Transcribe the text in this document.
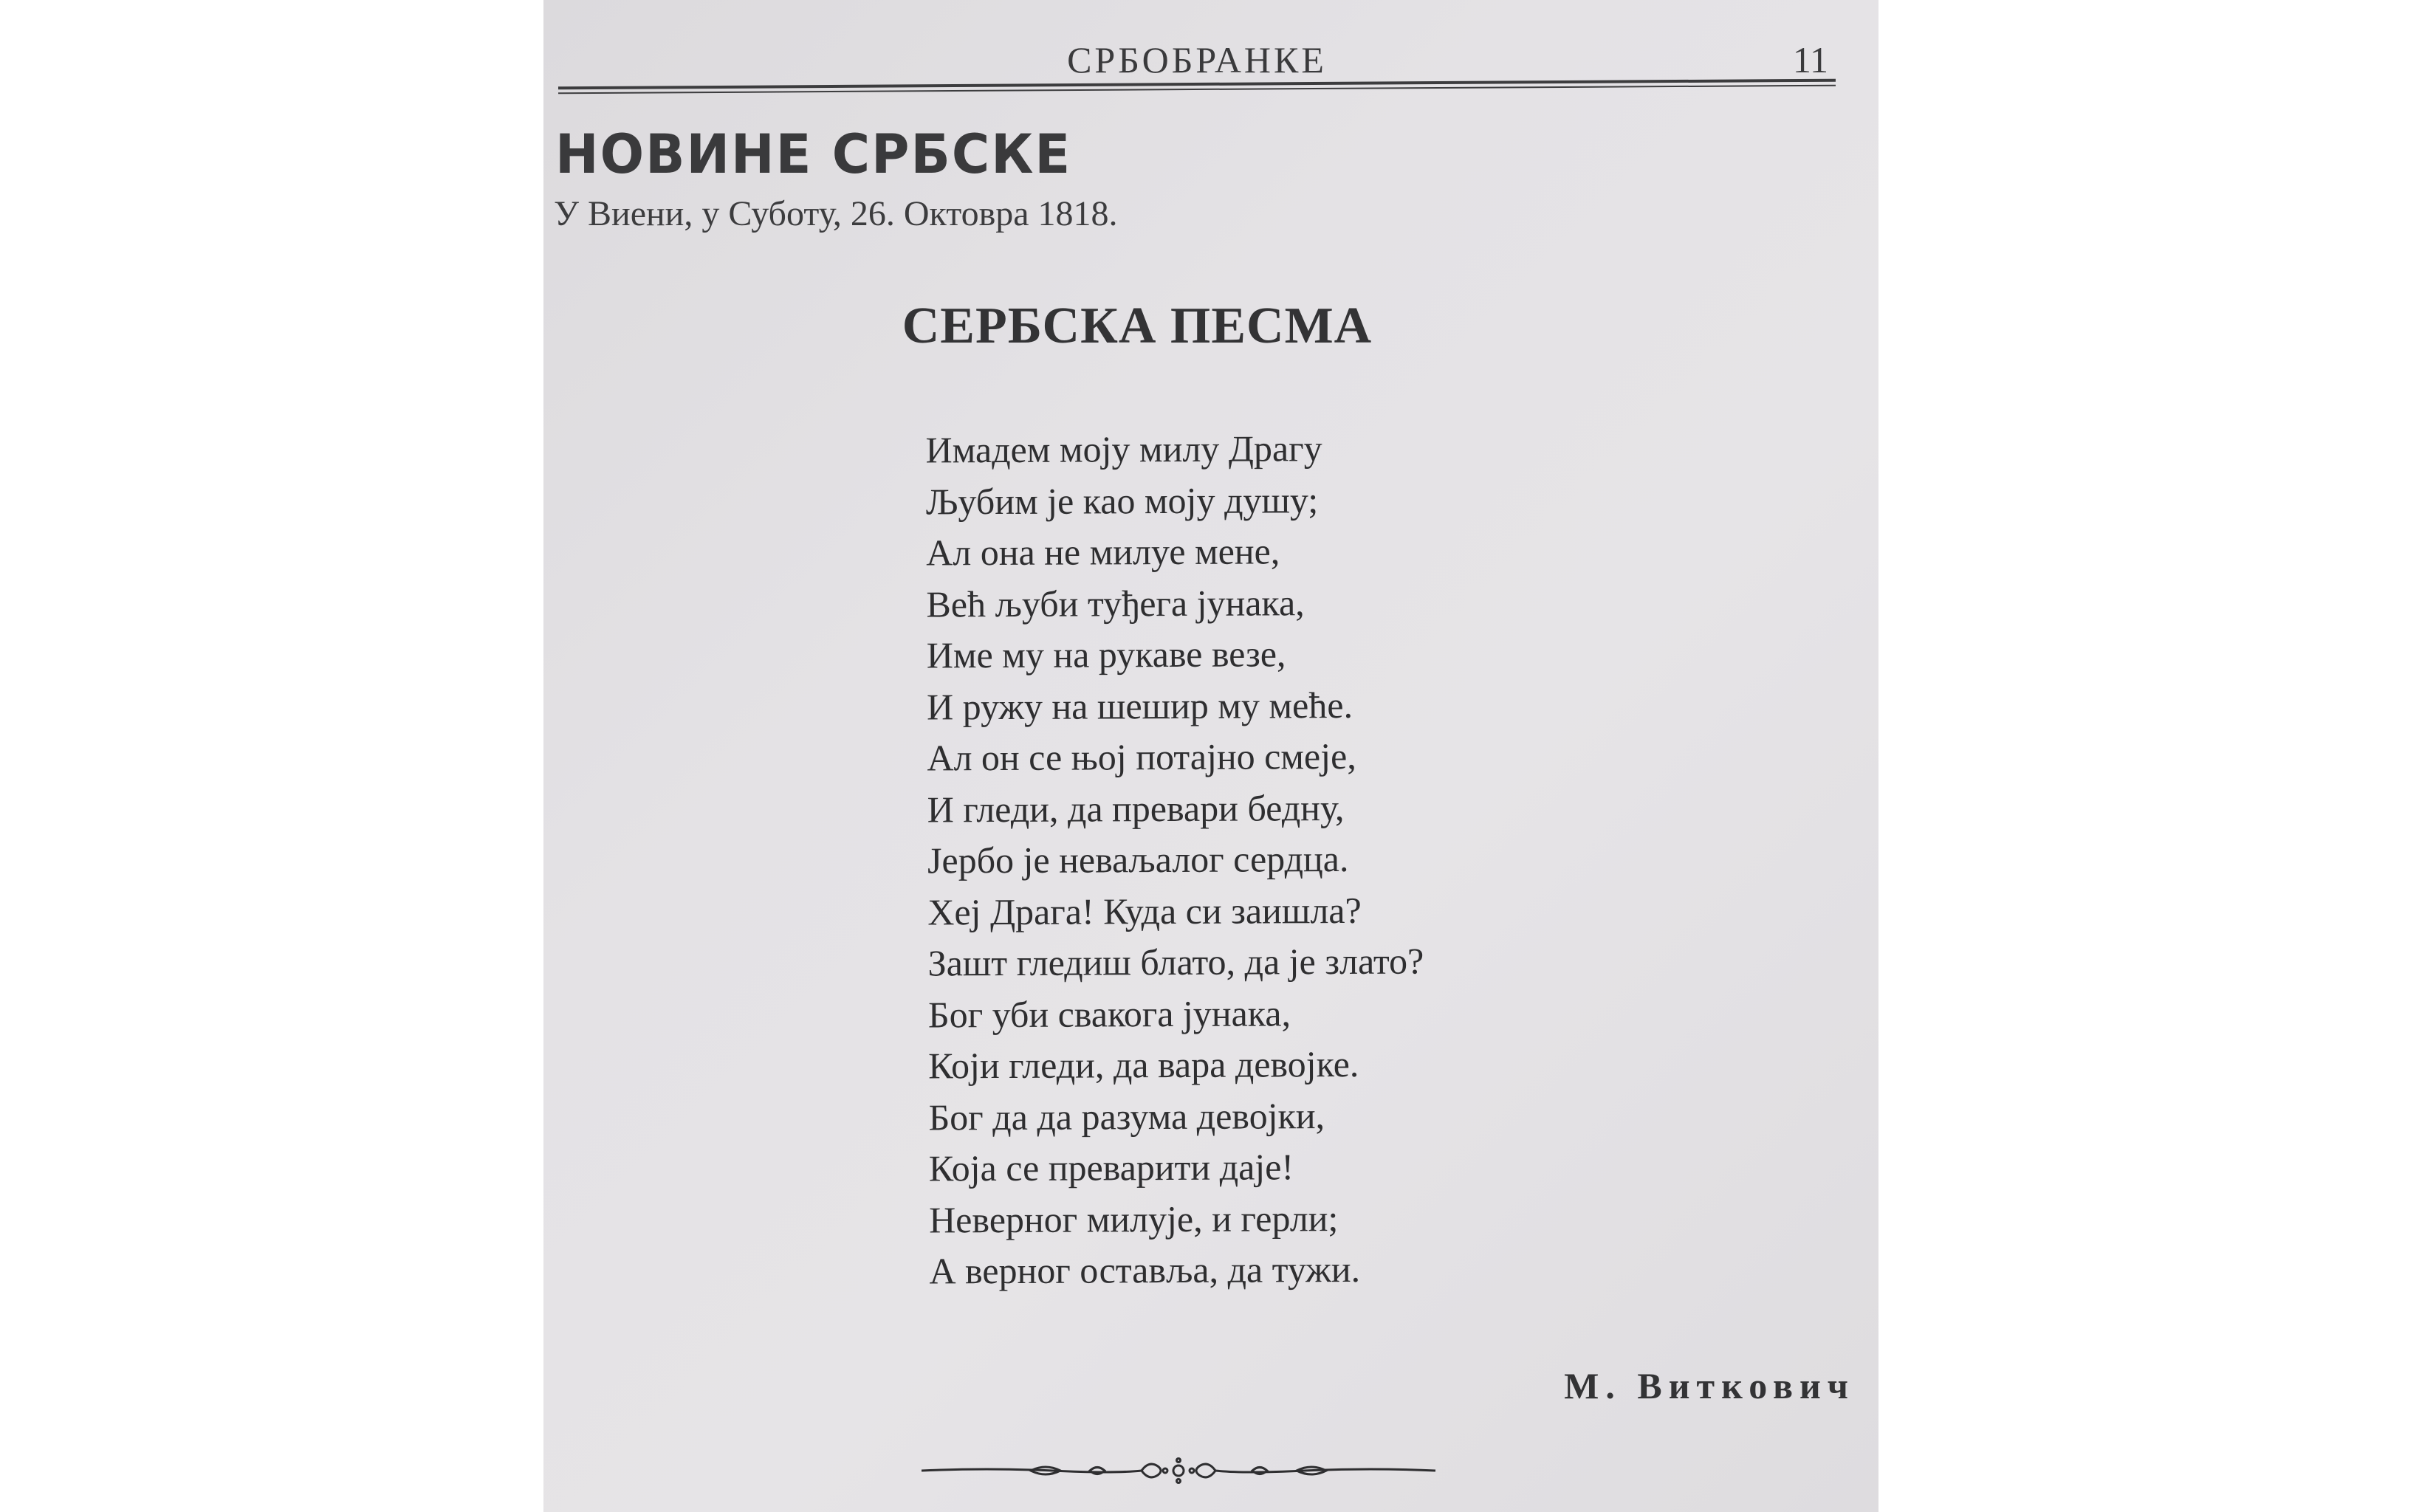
СРБОБРАНКЕ	11
НОВИНЕ СРБСКЕ
У Виени, у Суботу, 26. Октовра 1818.
СЕРБСКА ПЕСМА
Имадем моју милу Драгу
Љубим је као моју душу;
Ал она не милуе мене,
Већ љуби туђега јунака,
Име му на рукаве везе,
И ружу на шешир му меће.
Ал он се њој потајно смеје,
И гледи, да превари бедну,
Јербо је неваљалог сердца.
Хеј Драга! Куда си заишла?
Зашт гледиш блато, да је злато?
Бог уби свакога јунака,
Који гледи, да вара девојке.
Бог да да разума девојки,
Која се преварити даје!
Неверног милује, и герли;
А верног оставља, да тужи.
М. Виткович
